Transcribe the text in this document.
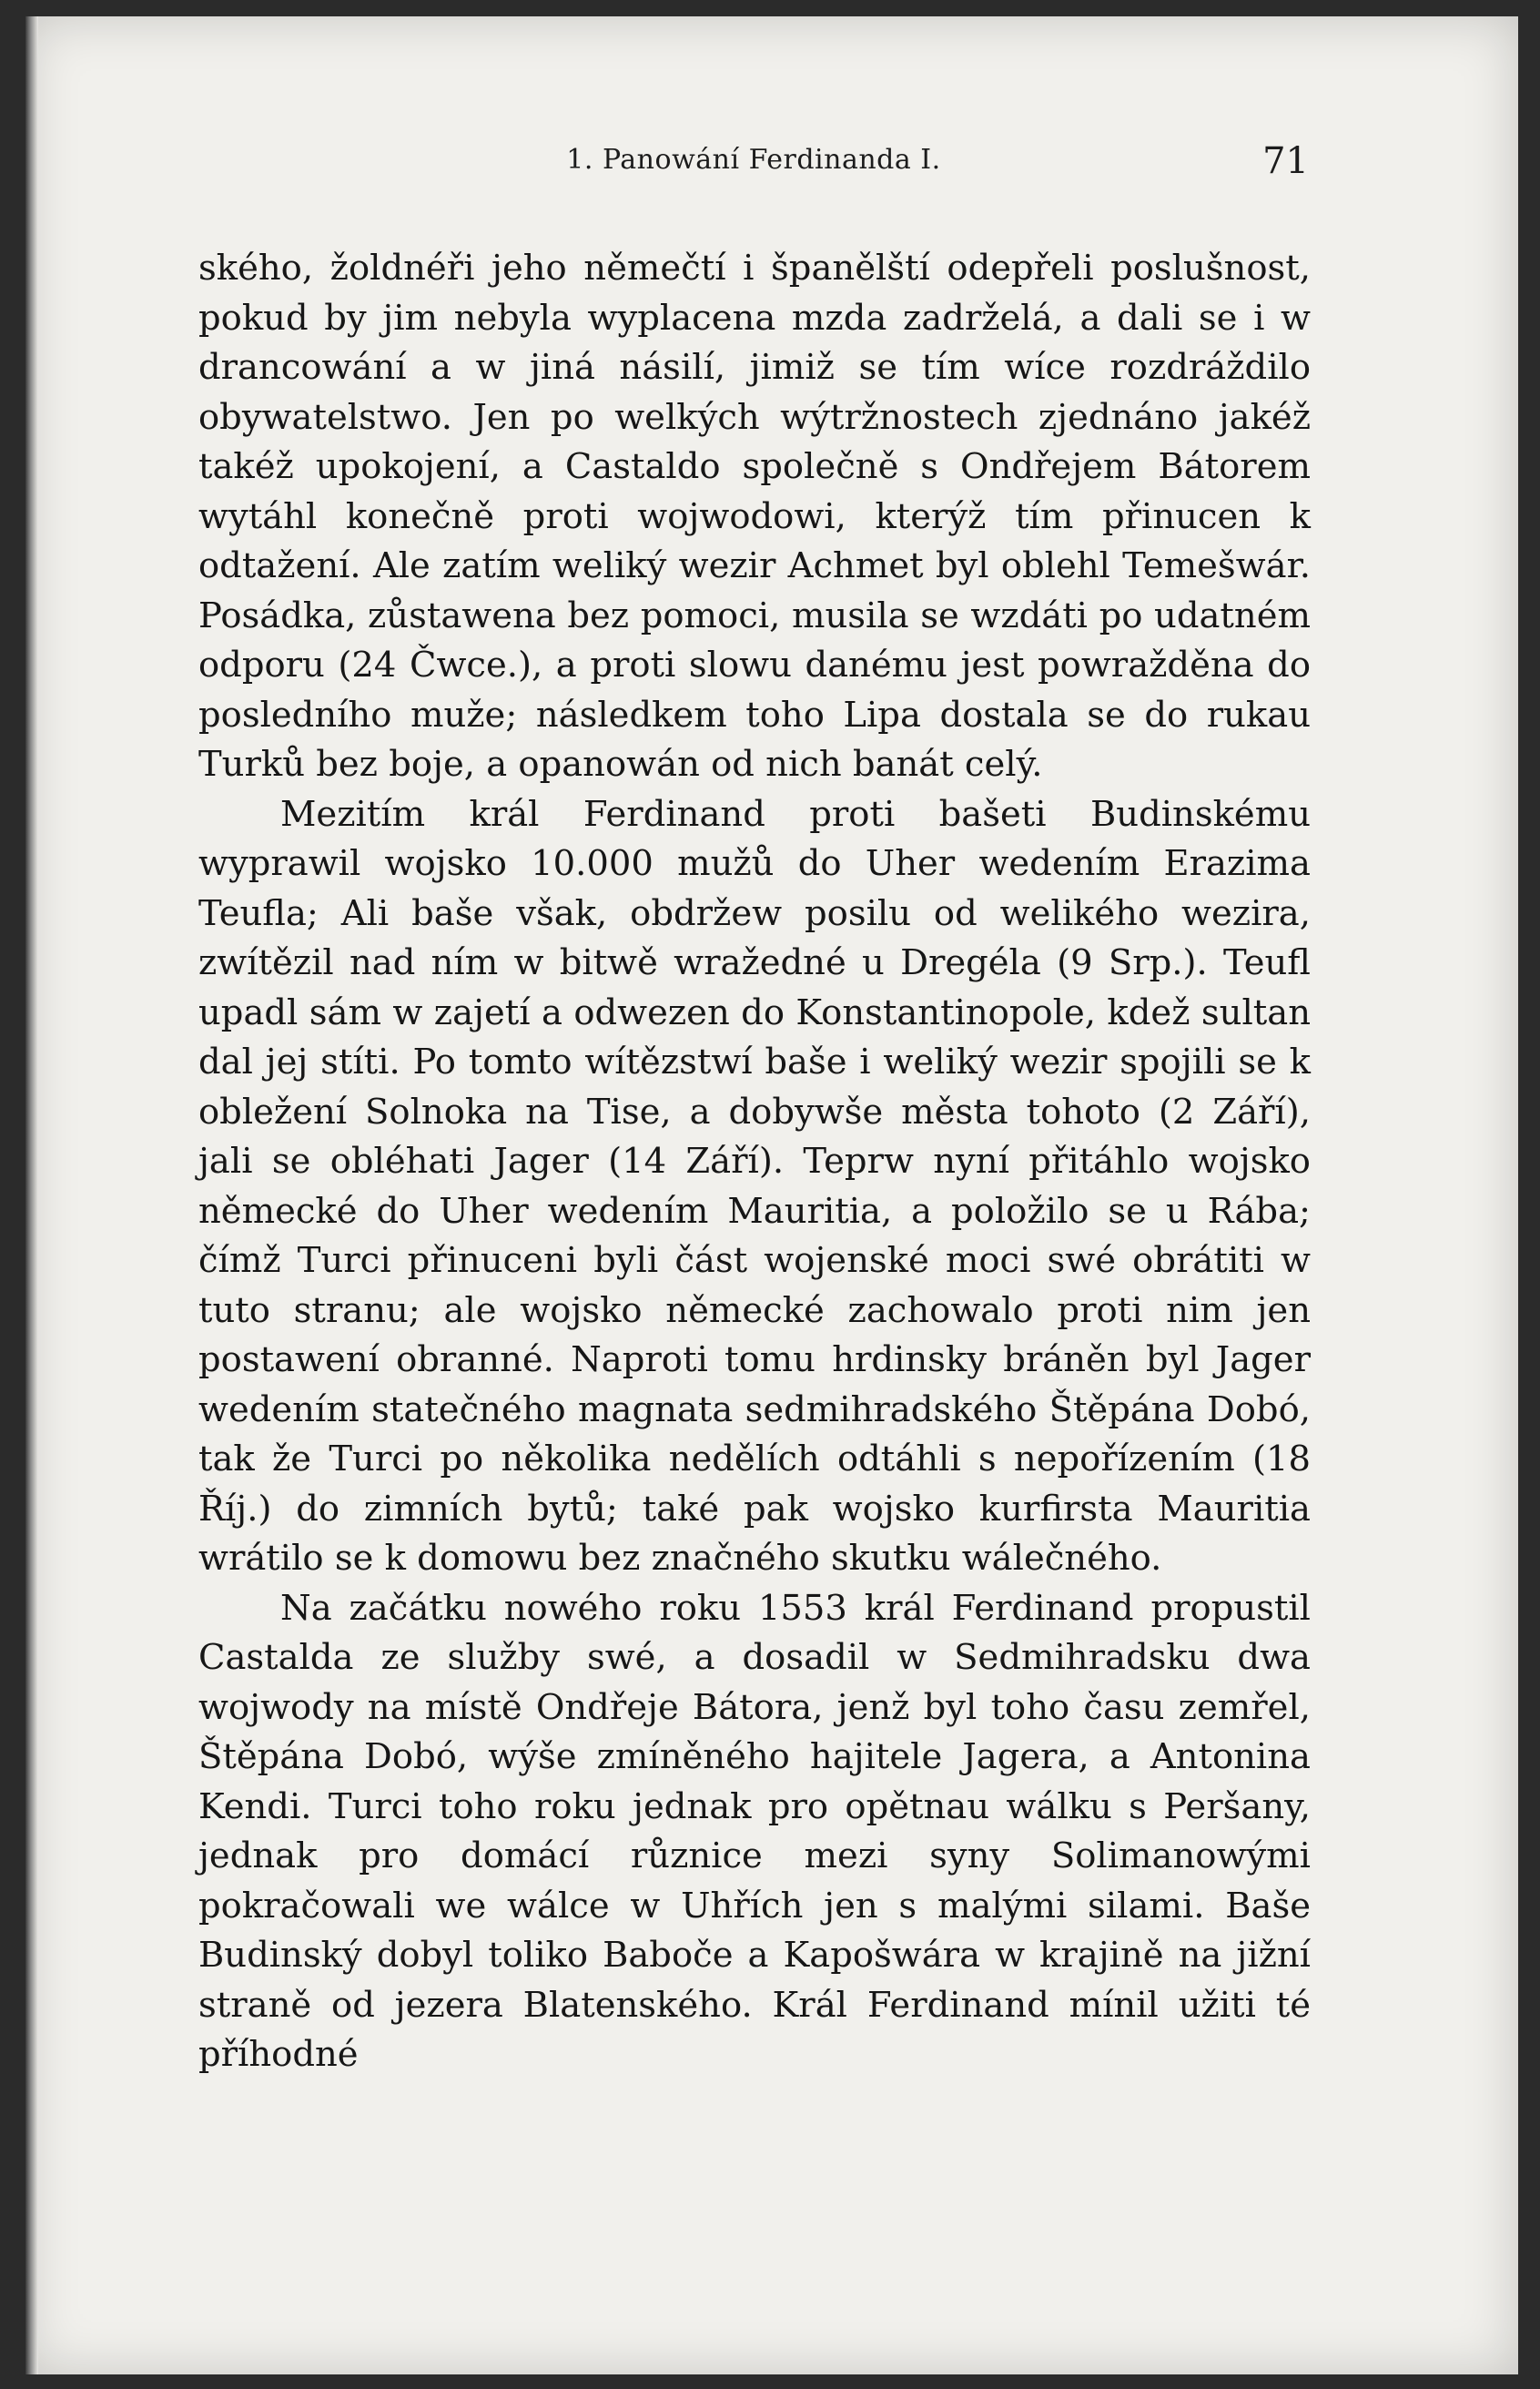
1. Panowání Ferdinanda I.	71

ského, žoldnéři jeho němečtí i španělští odepřeli poslušnost, pokud by jim nebyla wyplacena mzda zadrželá, a dali se i w drancowání a w jiná násilí, jimiž se tím wíce rozdráždilo obywatelstwo. Jen po welkých wýtržnostech zjednáno jakéž takéž upokojení, a Castaldo společně s Ondřejem Bátorem wytáhl konečně proti wojwodowi, kterýž tím přinucen k odtažení. Ale zatím weliký wezir Achmet byl oblehl Temešwár. Posádka, zůstawena bez pomoci, musila se wzdáti po udatném odporu (24 Čwce.), a proti slowu danému jest powražděna do posledního muže; následkem toho Lipa dostala se do rukau Turků bez boje, a opanowán od nich banát celý.

Mezitím král Ferdinand proti bašeti Budinskému wyprawil wojsko 10.000 mužů do Uher wedením Erazima Teufla; Ali baše však, obdržew posilu od welikého wezira, zwítězil nad ním w bitwě wražedné u Dregéla (9 Srp.). Teufl upadl sám w zajetí a odwezen do Konstantinopole, kdež sultan dal jej stíti. Po tomto wítězstwí baše i weliký wezir spojili se k obležení Solnoka na Tise, a dobywše města tohoto (2 Září), jali se obléhati Jager (14 Září). Teprw nyní přitáhlo wojsko německé do Uher wedením Mauritia, a položilo se u Rába; čímž Turci přinuceni byli část wojenské moci swé obrátiti w tuto stranu; ale wojsko německé zachowalo proti nim jen postawení obranné. Naproti tomu hrdinsky bráněn byl Jager wedením statečného magnata sedmihradského Štěpána Dobó, tak že Turci po několika nedělích odtáhli s nepořízením (18 Říj.) do zimních bytů; také pak wojsko kurfirsta Mauritia wrátilo se k domowu bez značného skutku wálečného.

Na začátku nowého roku 1553 král Ferdinand propustil Castalda ze služby swé, a dosadil w Sedmihradsku dwa wojwody na místě Ondřeje Bátora, jenž byl toho času zemřel, Štěpána Dobó, wýše zmíněného hajitele Jagera, a Antonina Kendi. Turci toho roku jednak pro opětnau wálku s Peršany, jednak pro domácí různice mezi syny Solimanowými pokračowali we wálce w Uhřích jen s malými silami. Baše Budinský dobyl toliko Baboče a Kapošwára w krajině na jižní straně od jezera Blatenského. Král Ferdinand mínil užiti té příhodné
